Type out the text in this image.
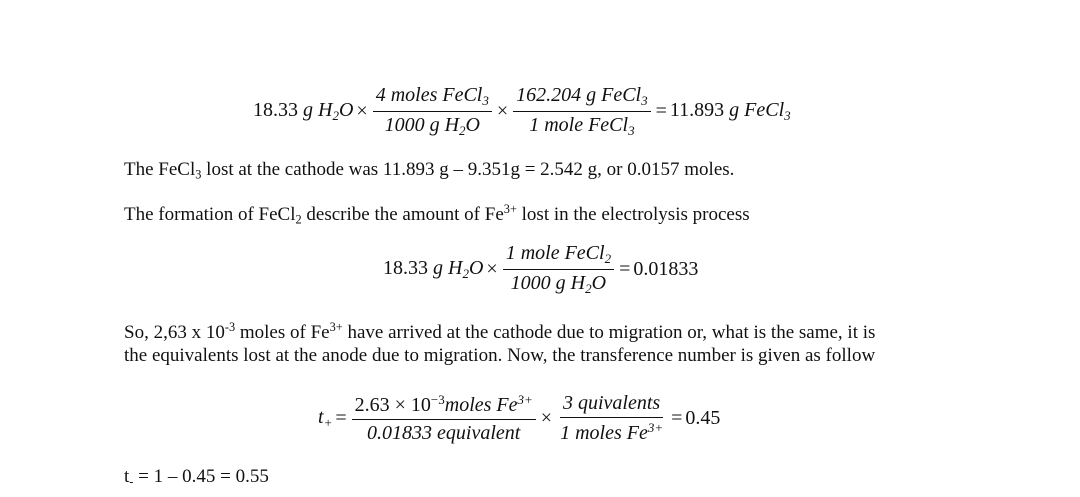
18.33 g $H_2O \times \frac{4 moles FeCl_3}{1000 g H_2O} \times \frac{162.204 g FeCl_3}{1 mole FeCl_3} = 11.893$ g FeCl$_3$
The FeCl$_3$ lost at the cathode was 11.893 g – 9.351g = 2.542 g, or 0.0157 moles.
The formation of FeCl$_2$ describe the amount of $Fe^{3+}$ lost in the electrolysis process
18.33 g $H_2O \times \frac{1 mole FeCl_2}{1000 g H_2O} = 0.01833$
So, 2,63 x $10^{-3}$ moles of $Fe^{3+}$ have arrived at the cathode due to migration or, what is the same, it is
the equivalents lost at the anode due to migration. Now, the transference number is given as follow
$t_+ = \frac{2.63 \times 10^{-3}moles Fe^{3+}}{\text{0.01833 equivalent}} \times \frac{\text{3 quivalents}}{1 moles Fe^{3+}} = 0.45$
$t_- = 1 - 0.45 = 0.55$
